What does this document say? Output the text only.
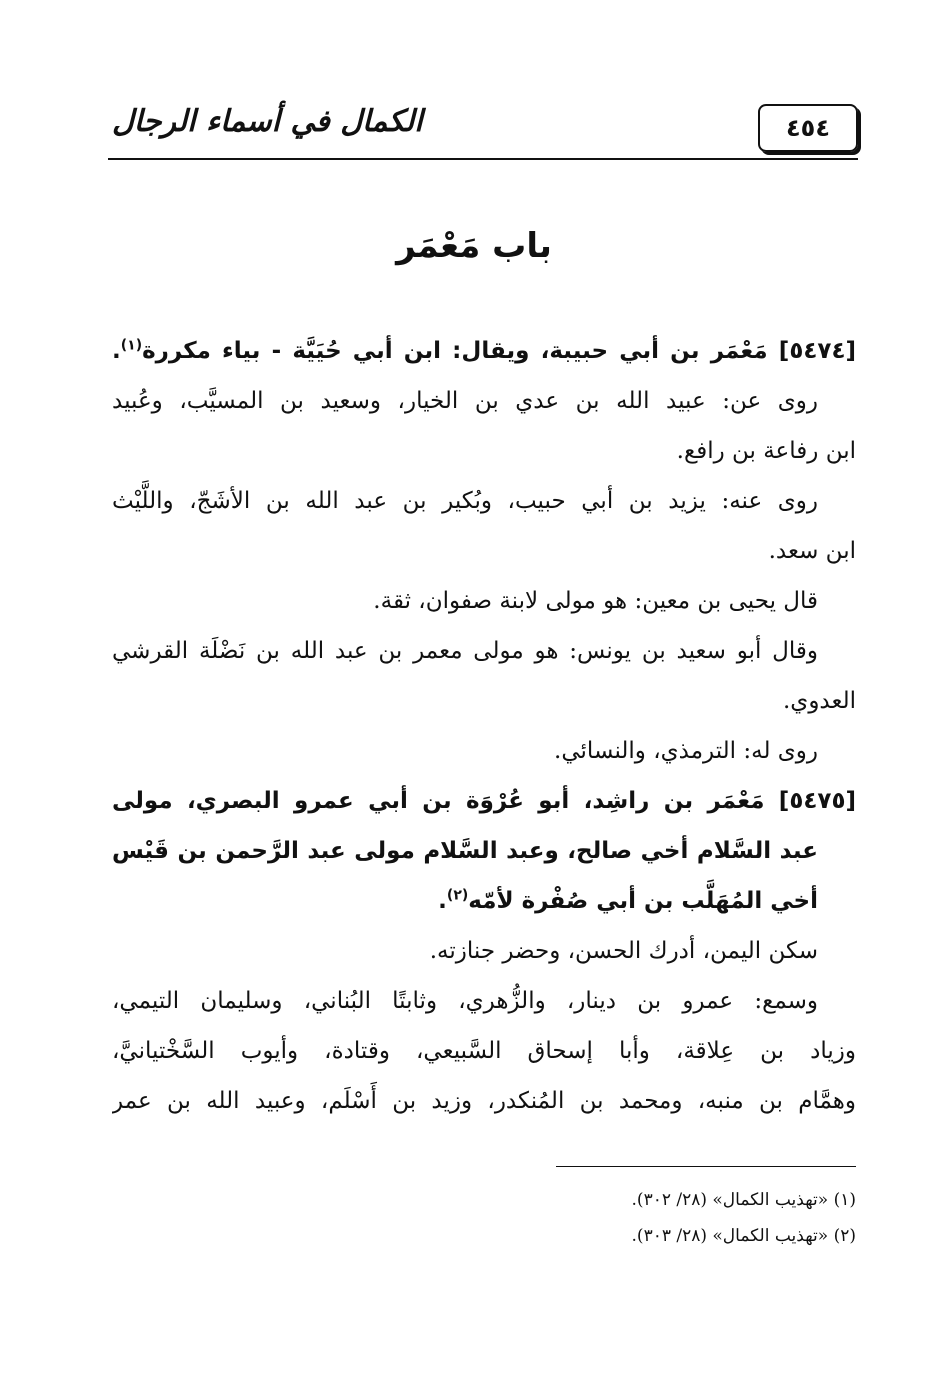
الكمال في أسماء الرجال	٤٥٤
باب مَعْمَر
[٥٤٧٤] مَعْمَر بن أبي حبيبة، ويقال: ابن أبي حُيَيَّة - بياء مكررة$^{(١)}$.
روى عن: عبيد الله بن عدي بن الخيار، وسعيد بن المسيَّب، وعُبيد
ابن رفاعة بن رافع.
روى عنه: يزيد بن أبي حبيب، وبُكير بن عبد الله بن الأشَجّ، واللَّيْث
ابن سعد.
قال يحيى بن معين: هو مولى لابنة صفوان، ثقة.
وقال أبو سعيد بن يونس: هو مولى معمر بن عبد الله بن نَضْلَة القرشي
العدوي.
روى له: الترمذي، والنسائي.
[٥٤٧٥] مَعْمَر بن راشِد، أبو عُرْوَة بن أبي عمرو البصري، مولى
عبد السَّلام أخي صالح، وعبد السَّلام مولى عبد الرَّحمن بن قَيْس
أخي المُهَلَّب بن أبي صُفْرة لأمّه$^{(٢)}$.
سكن اليمن، أدرك الحسن، وحضر جنازته.
وسمع: عمرو بن دينار، والزُّهري، وثابتًا البُناني، وسليمان التيمي،
وزياد بن عِلاقة، وأبا إسحاق السَّبيعي، وقتادة، وأيوب السَّخْتيانيَّ،
وهمَّام بن منبه، ومحمد بن المُنكدر، وزيد بن أَسْلَم، وعبيد الله بن عمر
(١) «تهذيب الكمال» (٢٨/ ٣٠٢).
(٢) «تهذيب الكمال» (٢٨/ ٣٠٣).
